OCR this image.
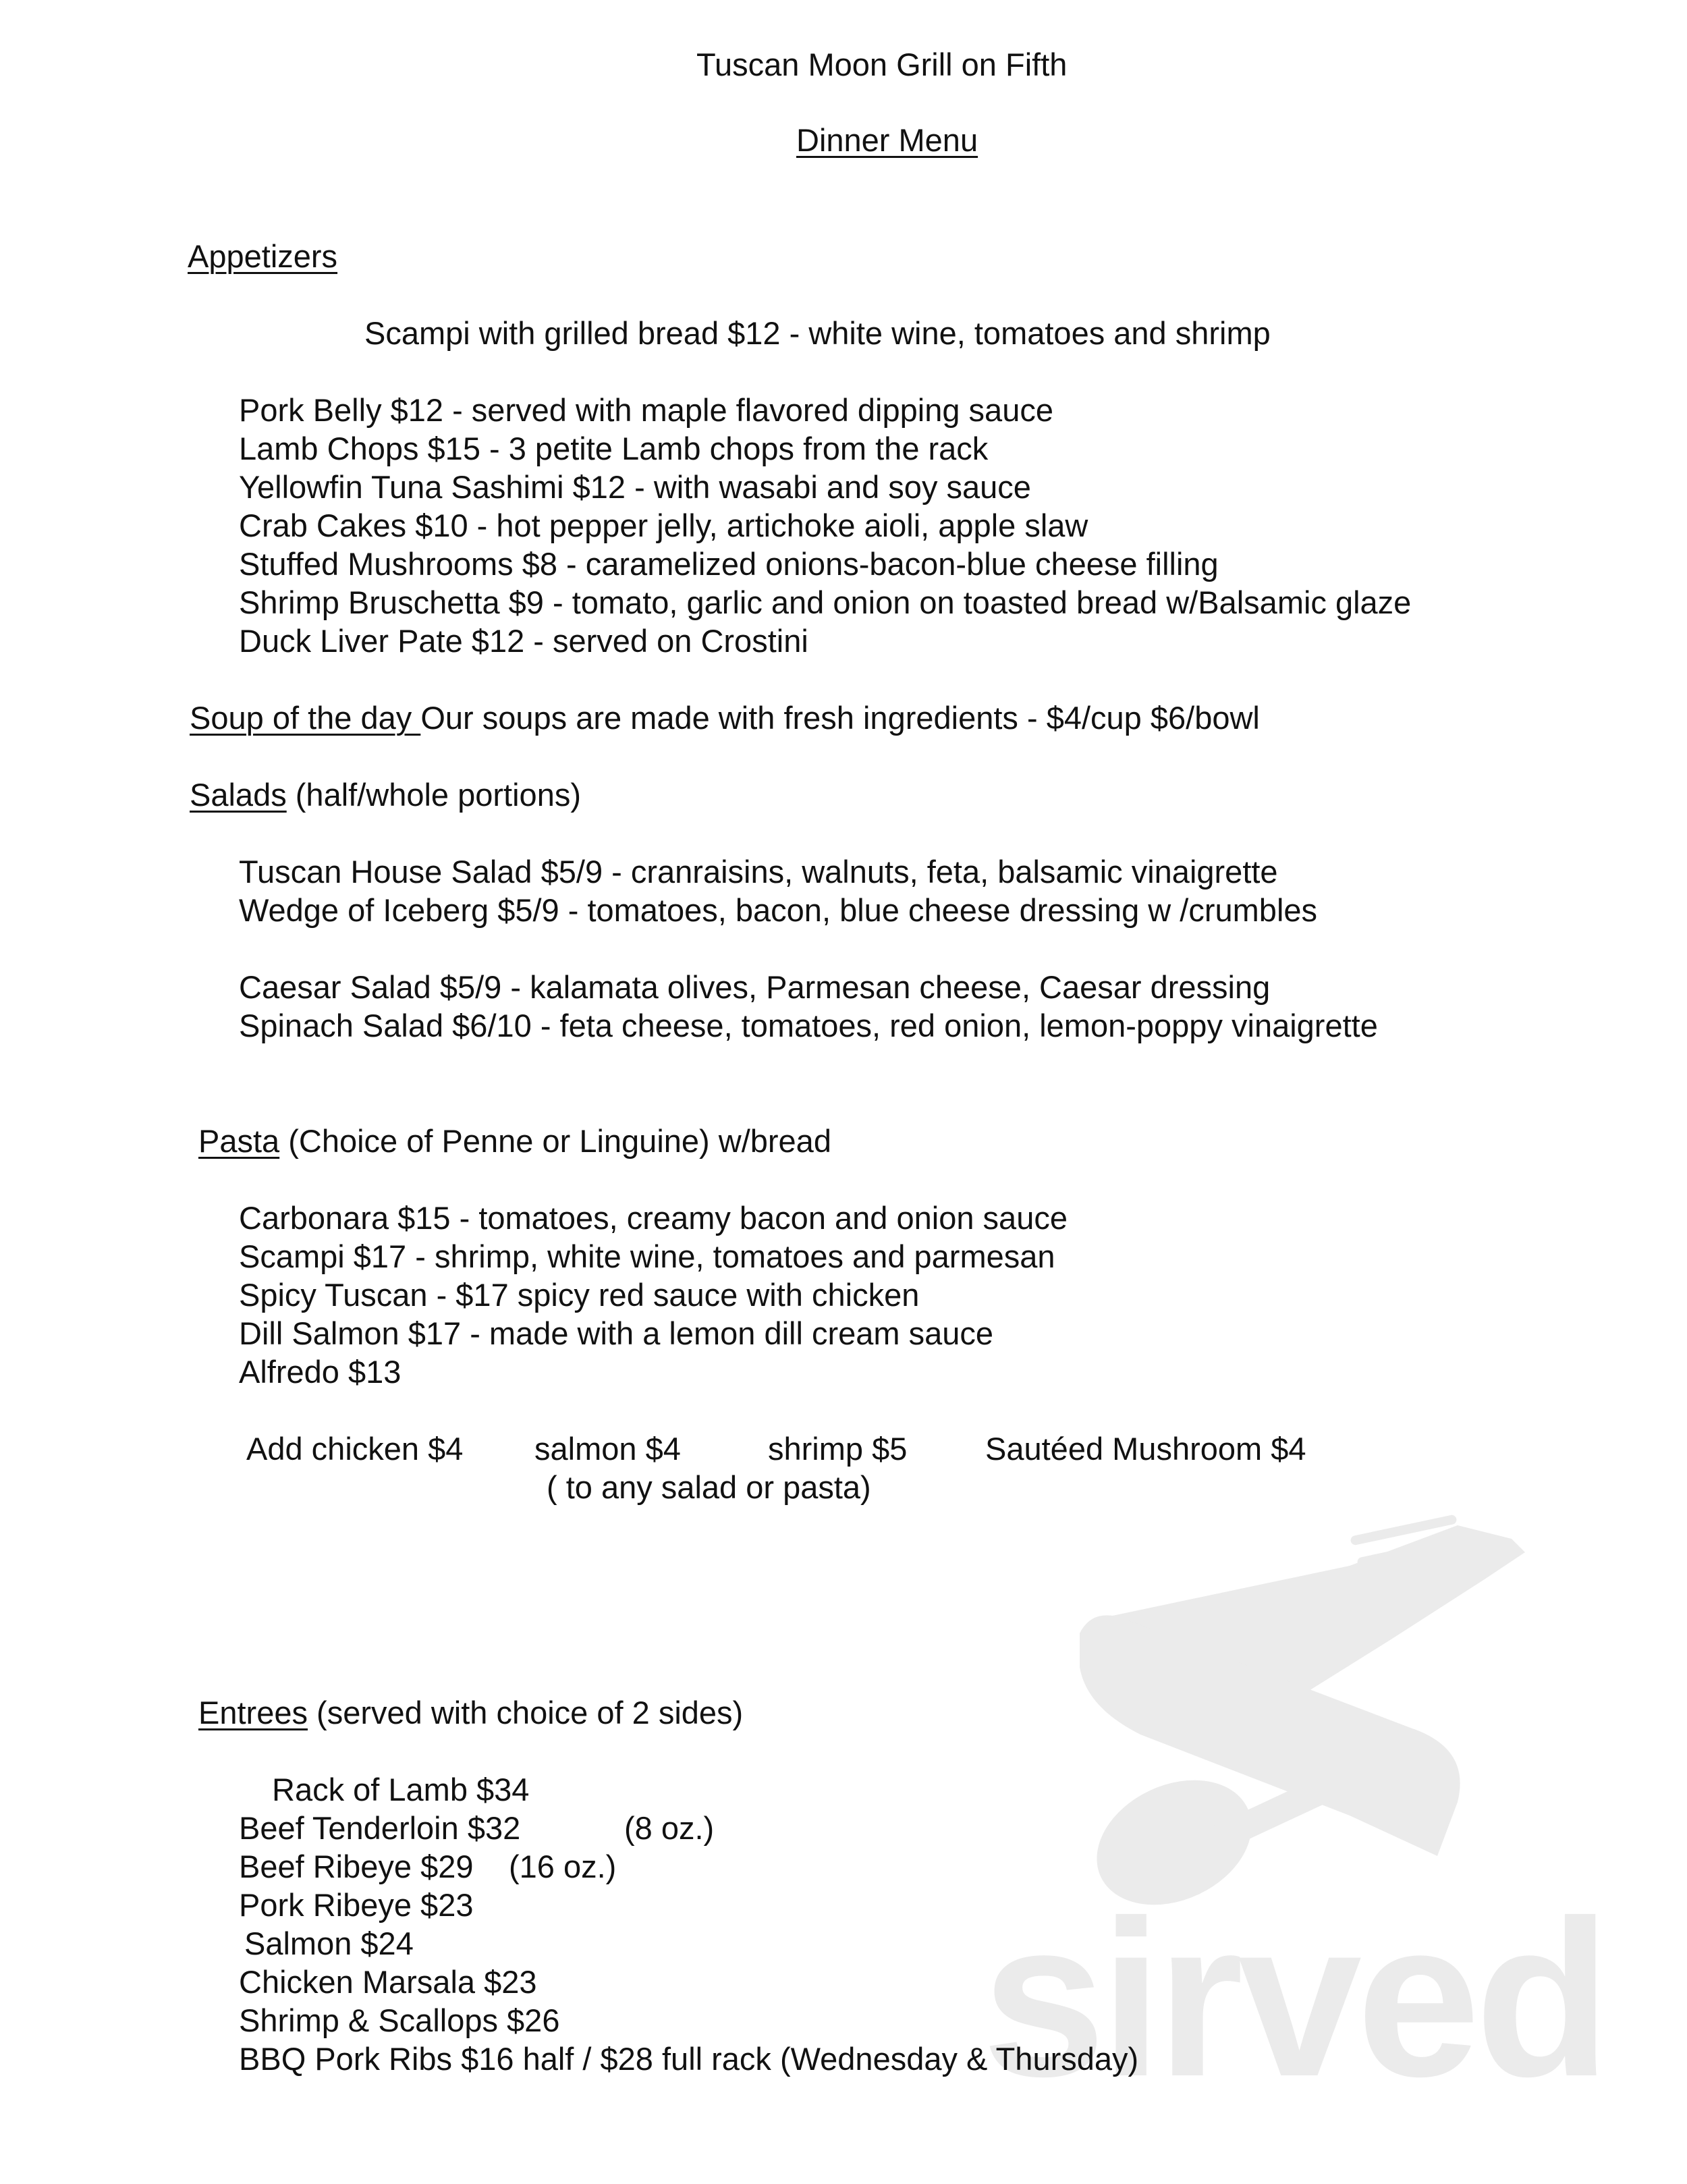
sirved
Tuscan Moon Grill on Fifth
Dinner Menu
Appetizers
Scampi with grilled bread $12 - white wine, tomatoes and shrimp
Pork Belly $12 - served with maple flavored dipping sauce
Lamb Chops $15 - 3 petite Lamb chops from the rack
Yellowfin Tuna Sashimi $12 - with wasabi and soy sauce
Crab Cakes $10 - hot pepper jelly, artichoke aioli, apple slaw
Stuffed Mushrooms $8 - caramelized onions-bacon-blue cheese filling
Shrimp Bruschetta $9 - tomato, garlic and onion on toasted bread w/Balsamic glaze
Duck Liver Pate $12 - served on Crostini
Soup of the day Our soups are made with fresh ingredients - $4/cup $6/bowl
Salads (half/whole portions)
Tuscan House Salad $5/9 - cranraisins, walnuts, feta, balsamic vinaigrette
Wedge of Iceberg $5/9 - tomatoes, bacon, blue cheese dressing w /crumbles
Caesar Salad $5/9 - kalamata olives, Parmesan cheese, Caesar dressing
Spinach Salad $6/10 - feta cheese, tomatoes, red onion, lemon-poppy vinaigrette
Pasta (Choice of Penne or Linguine) w/bread
Carbonara $15 - tomatoes, creamy bacon and onion sauce
Scampi $17 - shrimp, white wine, tomatoes and parmesan
Spicy Tuscan - $17 spicy red sauce with chicken
Dill Salmon $17 - made with a lemon dill cream sauce
Alfredo $13
Add chicken $4 salmon $4	shrimp $5 Sautéed Mushroom $4
( to any salad or pasta)
Entrees (served with choice of 2 sides)
Rack of Lamb $34
Beef Tenderloin $32	(8 oz.)
Beef Ribeye $29 (16 oz.)
Pork Ribeye $23
Salmon $24
Chicken Marsala $23
Shrimp & Scallops $26
BBQ Pork Ribs $16 half / $28 full rack (Wednesday & Thursday)
